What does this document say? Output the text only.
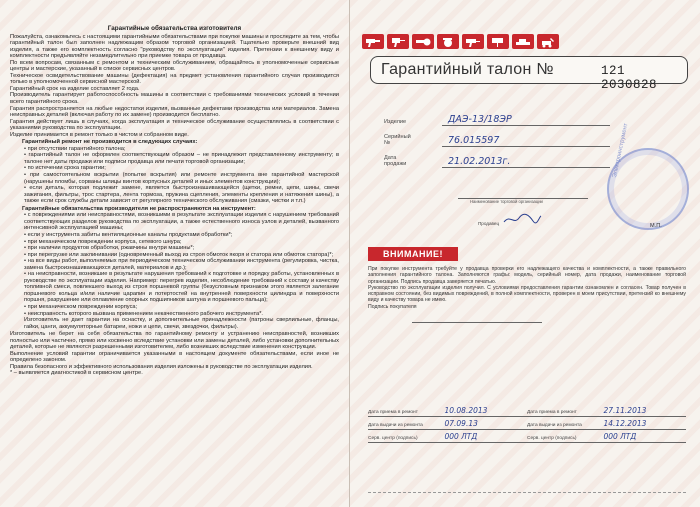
Гарантийные обязательства изготовителя

Пожалуйста, ознакомьтесь с настоящими гарантийными обязательствами при покупке машины и проследите за тем, чтобы гарантийный талон был заполнен надлежащим образом торговой организацией. Тщательно проверьте внешний вид изделия, а также его комплектность согласно "руководству по эксплуатации" изделия. Претензии к внешнему виду и комплектности предъявляйте незамедлительно при приемке товара от продавца.

По всем вопросам, связанным с ремонтом и техническим обслуживанием, обращайтесь в уполномоченные сервисные центры и мастерские, указанный в списке сервисных центров.

Техническое освидетельствование машины (дефектация) на предмет установления гарантийного случая производится только в уполномоченной сервисной мастерской.

Гарантийный срок на изделие составляет 2 года.

Производитель гарантирует работоспособность машины в соответствии с требованиями технических условий в течении всего гарантийного срока.

Гарантия распространяется на любые недостатки изделия, вызванные дефектами производства или материалов. Замена неисправных деталей (включая работу по их замене) производится бесплатно.

Гарантия действует лишь в случаях, когда эксплуатация и техническое обслуживание осуществлялись в соответствии с указаниями руководства по эксплуатации.

Изделие принимается в ремонт только в чистом и собранном виде.

Гарантийный ремонт не производится в следующих случаях:

• при отсутствии гарантийного талона;

• гарантийный талон не оформлен соответствующим образом – не принадлежит представленному инструменту; в талоне нет даты продажи или подписи продавца или печати торговой организации;

• по истечении срока гарантии;

• при самостоятельном вскрытии (попытке вскрытия) или ремонте инструмента вне гарантийной мастерской (нарушены пломбы, сорваны шлицы винтов корпусных деталей и иных элементов конструкции);

• если деталь, которая подлежит замене, является быстроизнашивающейся (щетки, ремни, цепи, шины, свечи зажигания, фильтры, трос стартера, лента тормоза, пружина сцепления, элементы крепления и натяжения шины), а также если срок службы детали зависит от регулярного технического обслуживания (смазки, чистки и т.п.)

Гарантийные обязательства производителя не распространяются на инструмент:

• с повреждениями или неисправностями, возникшими в результате эксплуатации изделия с нарушением требований соответствующих разделов руководства по эксплуатации, а также естественного износа узлов и деталей, вызванного интенсивной эксплуатацией машины;

• если у инструмента забиты вентиляционные каналы продуктами обработки*;

• при механическом повреждении корпуса, сетевого шнура;

• при наличии продуктов обработки, ржавчины внутри машины*;

• при перегрузке или заклинивании (одновременный выход из строя обмоток якоря и статора или обмоток статора)*;

• на все виды работ, выполняемых при периодическом техническом обслуживании инструмента (регулировка, чистка, замена быстроизнашивающихся деталей, материалов и др.);

• на неисправности, возникшие в результате нарушения требований к подготовке и порядку работы, установленных в руководстве по эксплуатации изделия. Например: перегрев изделия, несоблюдение требований к составу и качеству топливной смеси, повлекшего выход из строя поршневой группы (безусловным признаком этого является залегание поршневого кольца и/или наличие царапин и потертостей на внутренней поверхности цилиндра и поверхности поршня, разрушение или оплавление опорных подшипников шатуна и поршневого пальца);

• при механическом повреждении корпуса;

• неисправность которого вызвана применением некачественного рабочего инструмента*.

Изготовитель не дает гарантии на оснастку, и дополнительные принадлежности (патроны сверлильные, фланцы, гайки, цанги, аккумуляторные батареи, ножи и цепи, свечи, звездочки, фильтры).

Изготовитель не берет на себя обязательства по гарантийному ремонту и устранению неисправностей, возникших полностью или частично, прямо или косвенно вследствие установки или замены деталей, либо установки дополнительных деталей, которые не являются разрешенными изготовителем, либо возникших вследствие изменения конструкции.

Выполнение условий гарантии ограничивается указанными в настоящем документе обязательствами, если иное не определено законом.

Правила безопасного и эффективного использования изделия изложены в руководстве по эксплуатации изделия.

* – выявляется диагностикой в сервисном центре.

Гарантийный талон №	121 2030828
Изделие	ДАЭ-13/18ЭР
Серийный №	76.015597
Дата продажи	21.02.2013г.	Электроинструмент
Наименование торговой организации
Продавец	М.П.
ВНИМАНИЕ!

При покупке инструмента требуйте у продавца проверки его надлежащего качества и комплектности, а также правильного заполнения гарантийного талона. Заполняются графы: модель, серийный номер, дата продажи, наименование торговой организации. Подпись продавца заверяется печатью.

Руководство по эксплуатации изделия получил. С условиями предоставления гарантии ознакомлен и согласен. Товар получен в исправном состоянии, без видимых повреждений, в полной комплектности, проверен в моем присутствии, претензий ко внешнему виду и качеству товара не имею.

Подпись покупателя

Дата приема в ремонт	10.08.2013	Дата приема в ремонт	27.11.2013
Дата выдачи из ремонта	07.09.13	Дата выдачи из ремонта	14.12.2013
Серв. центр (подпись)	000 ЛТД	Серв. центр (подпись)	000 ЛТД
